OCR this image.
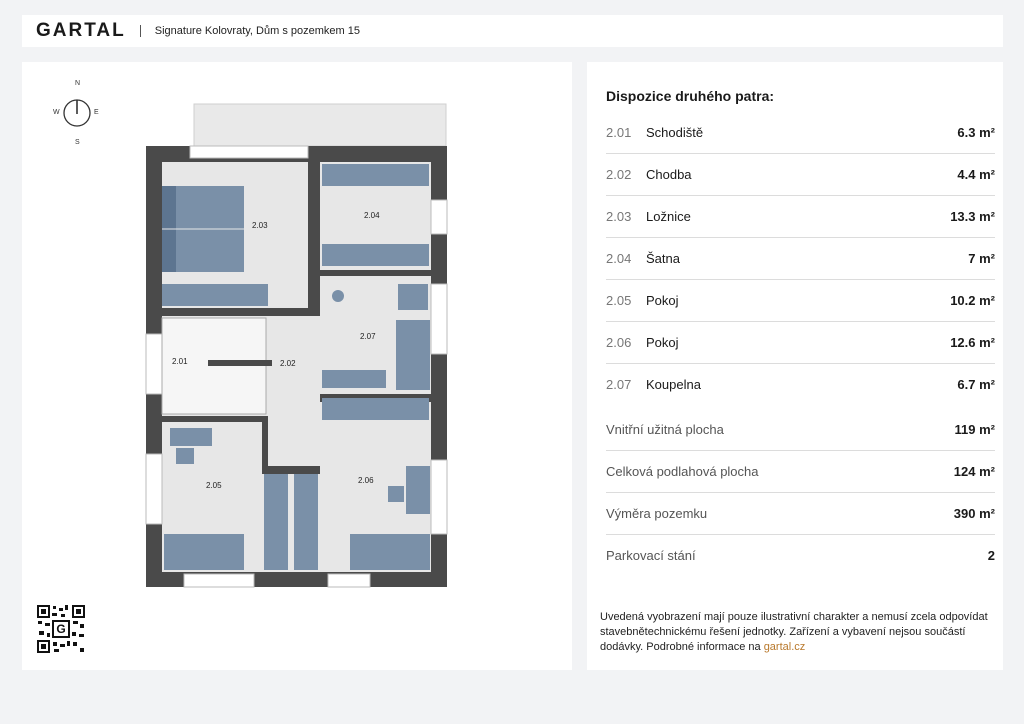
GARTAL	Signature Kolovraty, Dům s pozemkem 15
N
E
S
W
2.01	2.02
2.03
2.04
2.05
2.06
2.07
G
Dispozice druhého patra:
2.01	Schodiště	6.3 m²
2.02	Chodba	4.4 m²
2.03	Ložnice	13.3 m²
2.04	Šatna	7 m²
2.05	Pokoj	10.2 m²
2.06	Pokoj	12.6 m²
2.07	Koupelna	6.7 m²
Vnitřní užitná plocha	119 m²
Celková podlahová plocha	124 m²
Výměra pozemku	390 m²
Parkovací stání	2
Uvedená vyobrazení mají pouze ilustrativní charakter a nemusí zcela odpovídat stavebnětechnickému řešení jednotky. Zařízení a vybavení nejsou součástí dodávky. Podrobné informace na gartal.cz
